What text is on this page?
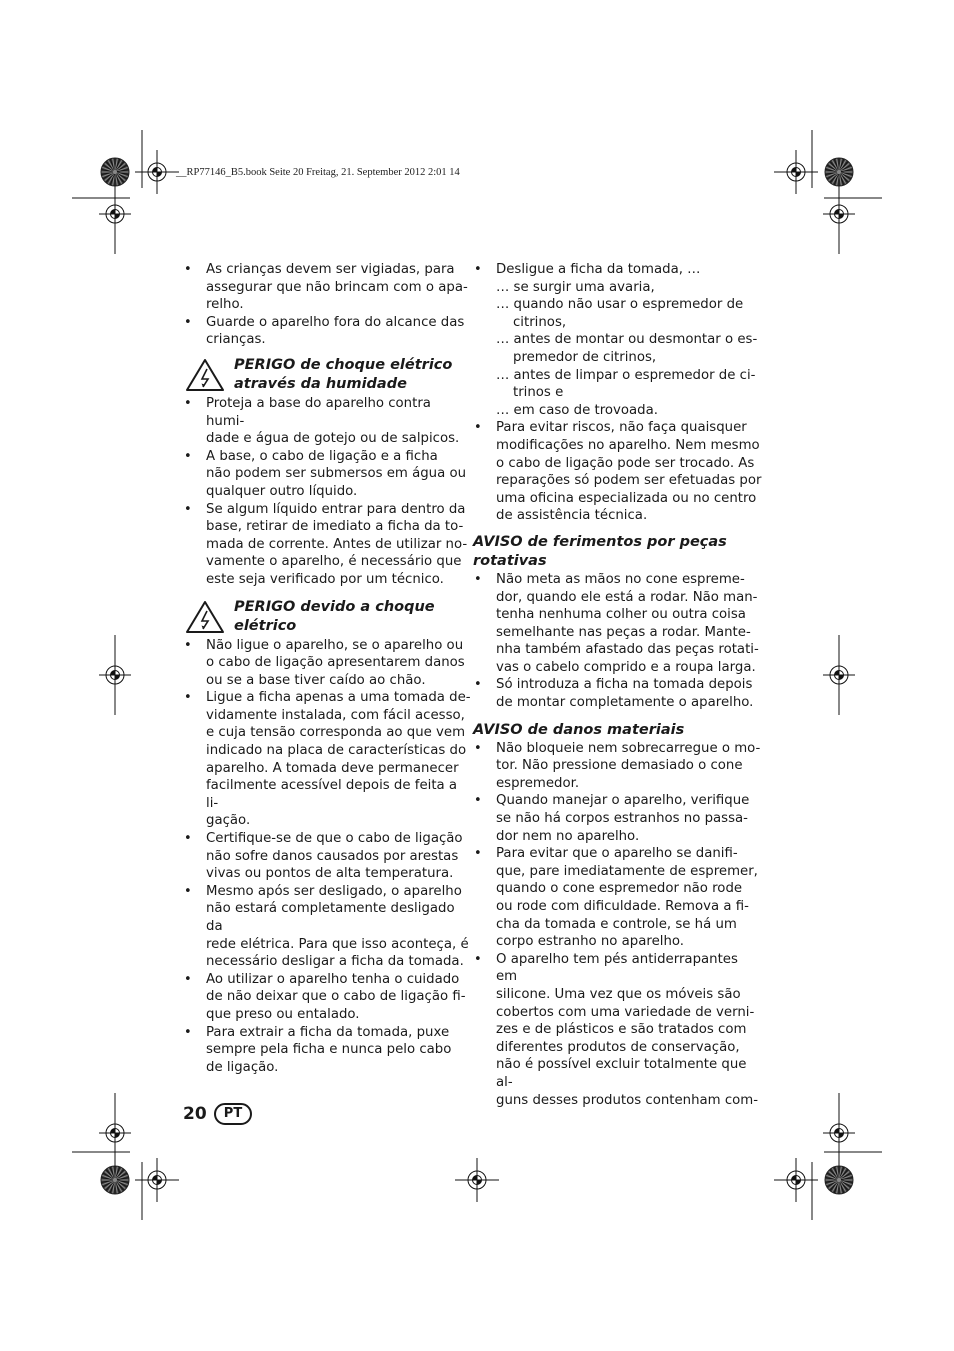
__RP77146_B5.book Seite 20 Freitag, 21. September 2012 2:01 14
• As crianças devem ser vigiadas, para
assegurar que não brincam com o apa-
relho.
• Guarde o aparelho fora do alcance das
crianças.
PERIGO de choque elétrico
através da humidade
• Proteja a base do aparelho contra humi-
dade e água de gotejo ou de salpicos.
• A base, o cabo de ligação e a ficha
não podem ser submersos em água ou
qualquer outro líquido.
• Se algum líquido entrar para dentro da
base, retirar de imediato a ficha da to-
mada de corrente. Antes de utilizar no-
vamente o aparelho, é necessário que
este seja verificado por um técnico.
PERIGO devido a choque
elétrico
• Não ligue o aparelho, se o aparelho ou
o cabo de ligação apresentarem danos
ou se a base tiver caído ao chão.
• Ligue a ficha apenas a uma tomada de-
vidamente instalada, com fácil acesso,
e cuja tensão corresponda ao que vem
indicado na placa de características do
aparelho. A tomada deve permanecer
facilmente acessível depois de feita a li-
gação.
• Certifique-se de que o cabo de ligação
não sofre danos causados por arestas
vivas ou pontos de alta temperatura.
• Mesmo após ser desligado, o aparelho
não estará completamente desligado da
rede elétrica. Para que isso aconteça, é
necessário desligar a ficha da tomada.
• Ao utilizar o aparelho tenha o cuidado
de não deixar que o cabo de ligação fi-
que preso ou entalado.
• Para extrair a ficha da tomada, puxe
sempre pela ficha e nunca pelo cabo
de ligação.
• Desligue a ficha da tomada, …
… se surgir uma avaria,
… quando não usar o espremedor de
citrinos,
… antes de montar ou desmontar o es-
premedor de citrinos,
… antes de limpar o espremedor de ci-
trinos e
… em caso de trovoada.
• Para evitar riscos, não faça quaisquer
modificações no aparelho. Nem mesmo
o cabo de ligação pode ser trocado. As
reparações só podem ser efetuadas por
uma oficina especializada ou no centro
de assistência técnica.
AVISO de ferimentos por peças
rotativas
• Não meta as mãos no cone espreme-
dor, quando ele está a rodar. Não man-
tenha nenhuma colher ou outra coisa
semelhante nas peças a rodar. Mante-
nha também afastado das peças rotati-
vas o cabelo comprido e a roupa larga.
• Só introduza a ficha na tomada depois
de montar completamente o aparelho.
AVISO de danos materiais
• Não bloqueie nem sobrecarregue o mo-
tor. Não pressione demasiado o cone
espremedor.
• Quando manejar o aparelho, verifique
se não há corpos estranhos no passa-
dor nem no aparelho.
• Para evitar que o aparelho se danifi-
que, pare imediatamente de espremer,
quando o cone espremedor não rode
ou rode com dificuldade. Remova a fi-
cha da tomada e controle, se há um
corpo estranho no aparelho.
• O aparelho tem pés antiderrapantes em
silicone. Uma vez que os móveis são
cobertos com uma variedade de verni-
zes e de plásticos e são tratados com
diferentes produtos de conservação,
não é possível excluir totalmente que al-
guns desses produtos contenham com-
20	PT
